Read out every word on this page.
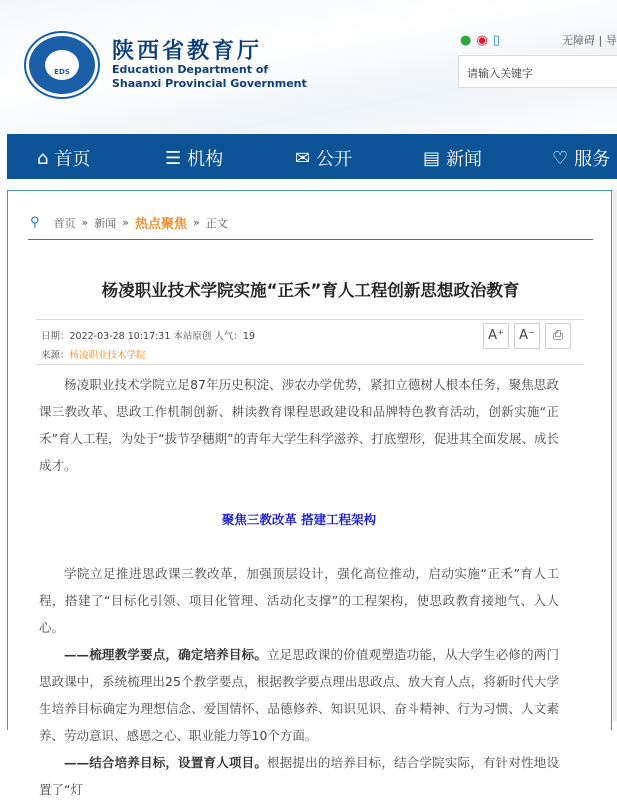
EDS
陕西省教育厅
Education Department of
Shaanxi Provincial Government
● ◉ ▯	无障碍 | 导
请输入关键字
⌂ 首页	☰ 机构	✉ 公开	▤ 新闻	♡ 服务
⚲ 首页 » 新闻 » 热点聚焦 » 正文
杨凌职业技术学院实施“正禾”育人工程创新思想政治教育
日期：2022-03-28 10:17:31 本站原创 人气：19
来源：杨凌职业技术学院
A⁺	A⁻	⎙

杨凌职业技术学院立足87年历史积淀、涉农办学优势，紧扣立德树人根本任务，聚焦思政课三教改革、思政工作机制创新、耕读教育课程思政建设和品牌特色教育活动，创新实施“正禾”育人工程，为处于“拔节孕穗期”的青年大学生科学滋养、打底塑形，促进其全面发展、成长成才。

聚焦三教改革 搭建工程架构

学院立足推进思政课三教改革，加强顶层设计，强化高位推动，启动实施“正禾”育人工程，搭建了“目标化引领、项目化管理、活动化支撑”的工程架构，使思政教育接地气、入人心。

——梳理教学要点，确定培养目标。立足思政课的价值观塑造功能，从大学生必修的两门思政课中，系统梳理出25个教学要点，根据教学要点理出思政点、放大育人点，将新时代大学生培养目标确定为理想信念、爱国情怀、品德修养、知识见识、奋斗精神、行为习惯、人文素养、劳动意识、感恩之心、职业能力等10个方面。

——结合培养目标，设置育人项目。根据提出的培养目标，结合学院实际，有针对性地设置了“灯
